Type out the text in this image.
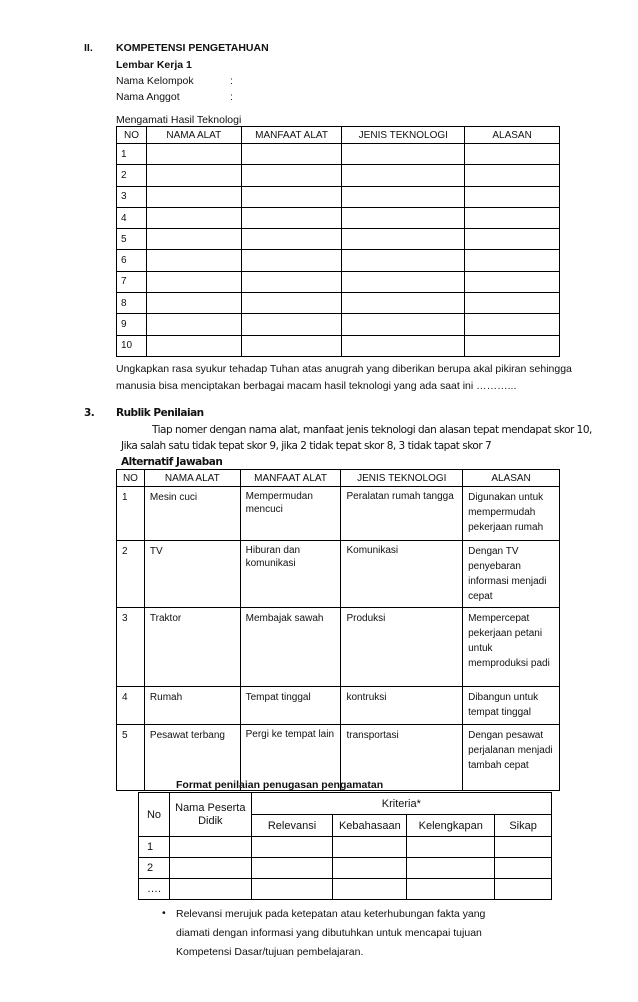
II. KOMPETENSI PENGETAHUAN
Lembar Kerja 1
Nama Kelompok	:
Nama Anggot	:
Mengamati Hasil Teknologi
NO	NAMA ALAT	MANFAAT ALAT	JENIS TEKNOLOGI	ALASAN
1				
2				
3				
4				
5				
6				
7				
8				
9				
10				
Ungkapkan rasa syukur tehadap Tuhan atas anugrah yang diberikan berupa akal pikiran sehingga
manusia bisa menciptakan berbagai macam hasil teknologi yang ada saat ini ………...
3. Rublik Penilaian
Tiap nomer dengan nama alat, manfaat jenis teknologi dan alasan tepat mendapat skor 10,
Jika salah satu tidak tepat skor 9, jika 2 tidak tepat skor 8, 3 tidak tapat skor 7
Alternatif Jawaban
NO	NAMA ALAT	MANFAAT ALAT	JENIS TEKNOLOGI	ALASAN
1	Mesin cuci	Mempermudan mencuci	Peralatan rumah tangga	Digunakan untuk mempermudah pekerjaan rumah
2	TV	Hiburan dan komunikasi	Komunikasi	Dengan TV penyebaran informasi menjadi cepat
3	Traktor	Membajak sawah	Produksi	Mempercepat pekerjaan petani untuk memproduksi padi
4	Rumah	Tempat tinggal	kontruksi	Dibangun untuk tempat tinggal
5	Pesawat terbang	Pergi ke tempat lain	transportasi	Dengan pesawat perjalanan menjadi tambah cepat
Format penilaian penugasan pengamatan
No	Nama Peserta Didik	Kriteria*			
		Relevansi	Kebahasaan	Kelengkapan	Sikap
1					
2					
….					
• Relevansi merujuk pada ketepatan atau keterhubungan fakta yang
diamati dengan informasi yang dibutuhkan untuk mencapai tujuan
Kompetensi Dasar/tujuan pembelajaran.
